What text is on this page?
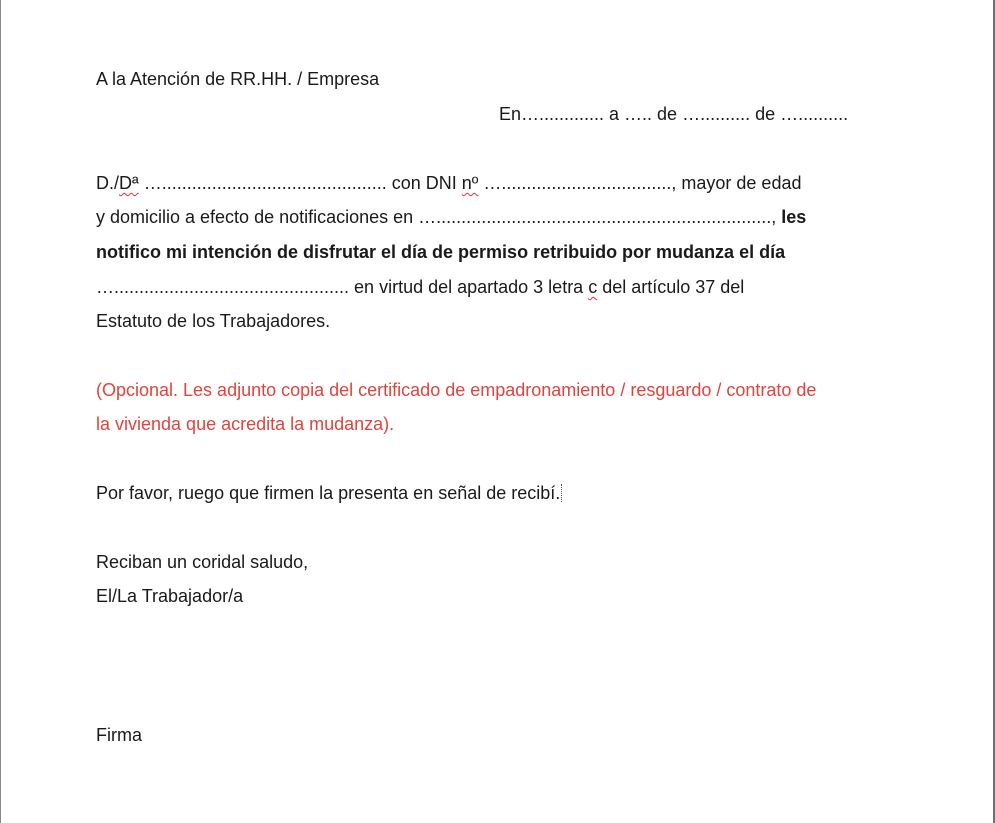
A la Atención de RR.HH. / Empresa
En…............. a ….. de ….......... de …..........
D./Dª …............................................. con DNI nº ….................................., mayor de edad
y domicilio a efecto de notificaciones en …..................................................................., les
notifico mi intención de disfrutar el día de permiso retribuido por mudanza el día
…............................................... en virtud del apartado 3 letra c del artículo 37 del
Estatuto de los Trabajadores.
(Opcional. Les adjunto copia del certificado de empadronamiento / resguardo / contrato de
la vivienda que acredita la mudanza).
Por favor, ruego que firmen la presenta en señal de recibí.
Reciban un coridal saludo,
El/La Trabajador/a
Firma
